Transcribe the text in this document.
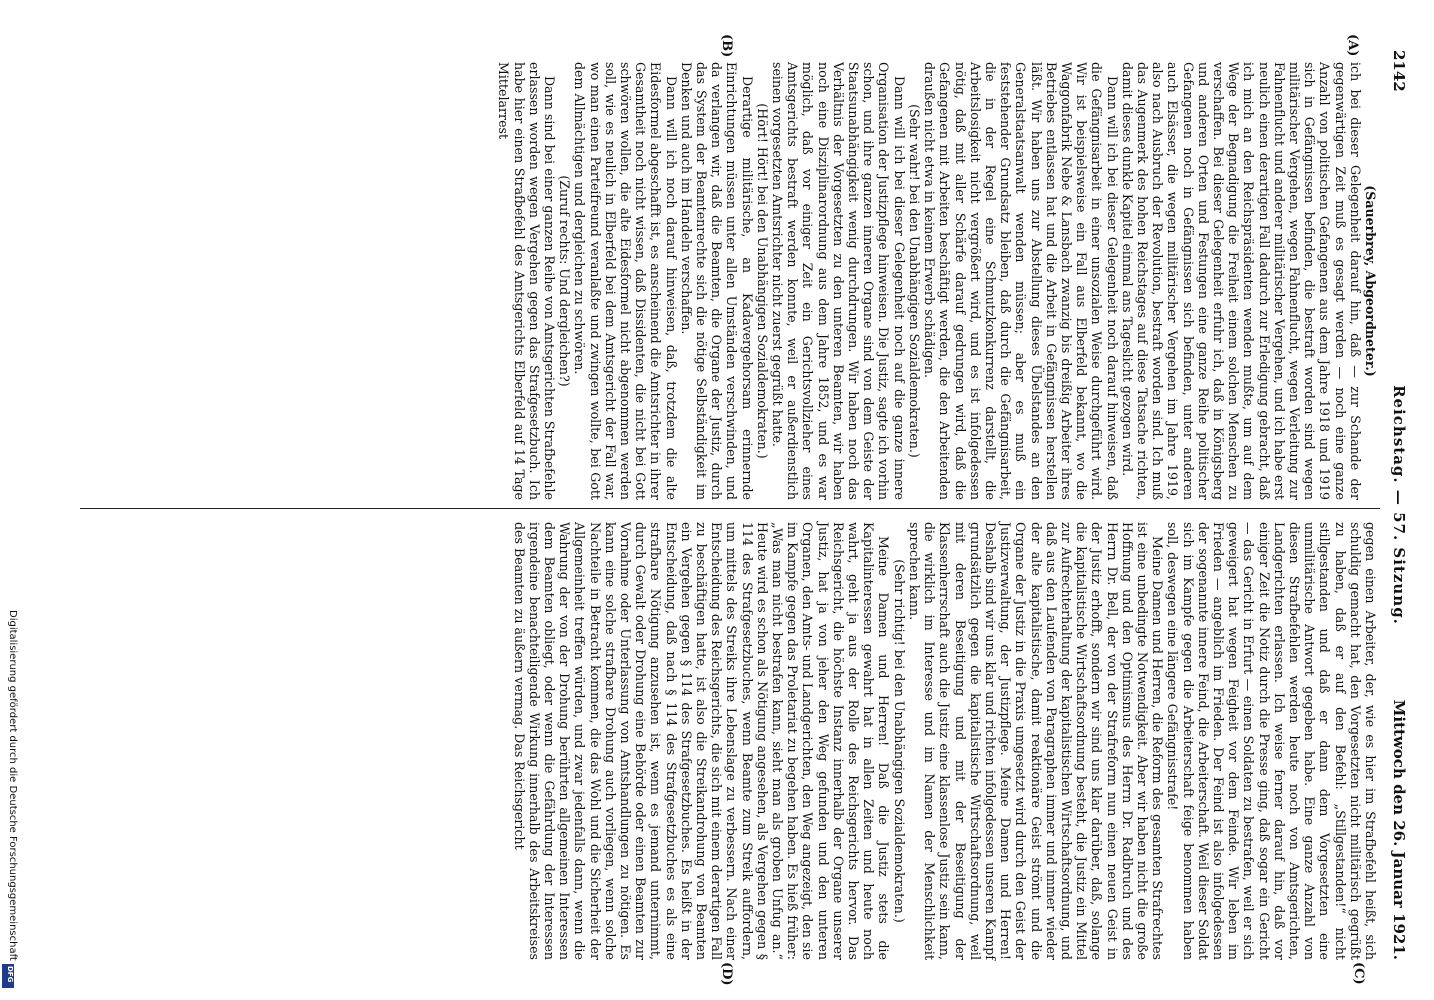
2142
Reichstag. — 57. Sitzung.
Mittwoch den 26. Januar 1921.
(A)
(B)
(C)
(D)

(Sauerbrey, Abgeordneter.)

ich bei dieser Gelegenheit darauf hin, daß — zur Schande der gegenwärtigen Zeit muß es gesagt werden — noch eine ganze Anzahl von politischen Gefangenen aus dem Jahre 1918 und 1919 sich in Gefängnissen befinden, die bestraft worden sind wegen militärischer Vergehen, wegen Fahnenflucht, wegen Verleitung zur Fahnenflucht und anderer militärischer Vergehen, und ich habe erst neulich einen derartigen Fall dadurch zur Erledigung gebracht, daß ich mich an den Reichspräsidenten wenden mußte, um auf dem Wege der Begnadigung die Freiheit einem solchen Menschen zu verschaffen. Bei dieser Gelegenheit erfuhr ich, daß in Königsberg und anderen Orten und Festungen eine ganze Reihe politischer Gefangenen noch in Gefängnissen sich befinden, unter anderen auch Elsässer, die wegen militärischer Vergehen im Jahre 1919, also nach Ausbruch der Revolution, bestraft worden sind. Ich muß das Augenmerk des hohen Reichstages auf diese Tatsache richten, damit dieses dunkle Kapitel einmal ans Tageslicht gezogen wird.

Dann will ich bei dieser Gelegenheit noch darauf hinweisen, daß die Gefängnisarbeit in einer unsozialen Weise durchgeführt wird. Wir ist beispielsweise ein Fall aus Elberfeld bekannt, wo die Waggonfabrik Nebe & Lansbach zwanzig bis dreißig Arbeiter ihres Betriebes entlassen hat und die Arbeit in Gefängnissen herstellen läßt. Wir haben uns zur Abstellung dieses Übelstandes an den Generalstaatsanwalt wenden müssen; aber es muß ein feststehender Grundsatz bleiben, daß durch die Gefängnisarbeit, die in der Regel eine Schmutzkonkurrenz darstellt, die Arbeitslosigkeit nicht vergrößert wird, und es ist infolgedessen nötig, daß mit aller Schärfe darauf gedrungen wird, daß die Gefangenen mit Arbeiten beschäftigt werden, die den Arbeitenden draußen nicht etwa in keinem Erwerb schädigen.

(Sehr wahr! bei den Unabhängigen Sozialdemokraten.)

Dann will ich bei dieser Gelegenheit noch auf die ganze innere Organisation der Justizpflege hinweisen. Die Justiz, sagte ich vorhin schon, und ihre ganzen inneren Organe sind von dem Geiste der Staatsunabhängigkeit wenig durchdrungen. Wir haben noch das Verhältnis der Vorgesetzten zu den unteren Beamten, wir haben noch eine Disziplinarordnung aus dem Jahre 1852, und es war möglich, daß vor einiger Zeit ein Gerichtsvollzieher eines Amtsgerichts bestraft werden konnte, weil er außerdienstlich seinen vorgesetzten Amtsrichter nicht zuerst gegrüßt hatte.

(Hört! Hört! bei den Unabhängigen Sozialdemokraten.)

Derartige militärische, an Kadavergehorsam erinnernde Einrichtungen müssen unter allen Umständen verschwinden, und da verlangen wir, daß die Beamten, die Organe der Justiz, durch das System der Beamtenrechte sich die nötige Selbständigkeit im Denken und auch im Handeln verschaffen.

Dann will ich noch darauf hinweisen, daß, trotzdem die alte Eidesformel abgeschafft ist, es anscheinend die Amtsrichter in ihrer Gesamtheit noch nicht wissen, daß Dissidenten, die nicht bei Gott schwören wollen, die alte Eidesformel nicht abgenommen werden soll, wie es neulich in Elberfeld bei dem Amtsgericht der Fall war, wo man einen Parteifreund veranlaßte und zwingen wollte, bei Gott dem Allmächtigen und dergleichen zu schwören.

(Zuruf rechts: Und dergleichen?)

Dann sind bei einer ganzen Reihe von Amtsgerichten Strafbefehle erlassen worden wegen Vergehen gegen das Strafgesetzbuch. Ich habe hier einen Strafbefehl des Amtsgerichts Elberfeld auf 14 Tage Mittelarrest

gegen einen Arbeiter, der, wie es hier im Strafbefehl heißt, sich schuldig gemacht hat, den Vorgesetzten nicht militärisch gegrüßt zu haben, daß er auf den Befehl: „Stillgestanden!“ nicht stillgestanden und daß er dann dem Vorgesetzten eine unmilitärische Antwort gegeben habe. Eine ganze Anzahl von diesen Strafbefehlen werden heute noch von Amtsgerichten, Landgerichten erlassen. Ich weise ferner darauf hin, daß vor einiger Zeit die Notiz durch die Presse ging, daß sogar ein Gericht — das Gericht in Erfurt — einen Soldaten zu bestrafen, weil er sich geweigert hat wegen Feigheit vor dem Feinde. Wir leben im Frieden — angeblich im Frieden. Der Feind ist also infolgedessen der sogenannte innere Feind, die Arbeiterschaft. Weil dieser Soldat sich im Kampfe gegen die Arbeiterschaft feige benommen haben soll, deswegen eine längere Gefängnisstrafe!

Meine Damen und Herren, die Reform des gesamten Strafrechtes ist eine unbedingte Notwendigkeit. Aber wir haben nicht die große Hoffnung und den Optimismus des Herrn Dr. Radbruch und des Herrn Dr. Bell, der von der Strafreform nun einen neuen Geist in der Justiz erhofft, sondern wir sind uns klar darüber, daß, solange die kapitalistische Wirtschaftsordnung besteht, die Justiz ein Mittel zur Aufrechterhaltung der kapitalistischen Wirtschaftsordnung, und daß aus den Laufenden von Paragraphen immer und immer wieder der alte kapitalistische, damit reaktionäre Geist strömt und die Organe der Justiz in die Praxis umgesetzt wird durch den Geist der Justizverwaltung, der Justizpflege. Meine Damen und Herren! Deshalb sind wir uns klar und richten infolgedessen unseren Kampf grundsätzlich gegen die kapitalistische Wirtschaftsordnung, weil mit deren Beseitigung und mit der Beseitigung der Klassenherrschaft auch die Justiz eine klassenlose Justiz sein kann, die wirklich im Interesse und im Namen der Menschlichkeit sprechen kann.

(Sehr richtig! bei den Unabhängigen Sozialdemokraten.)

Meine Damen und Herren! Daß die Justiz stets die Kapitalinteressen gewahrt hat in allen Zeiten und heute noch wahrt, geht ja aus der Rolle des Reichsgerichts hervor. Das Reichsgericht, die höchste Instanz innerhalb der Organe unserer Justiz, hat ja von jeher den Weg gefunden und den unteren Organen, den Amts- und Landgerichten, den Weg angezeigt, den sie im Kampfe gegen das Proletariat zu begehen haben. Es hieß früher: „Was man nicht bestrafen kann, sieht man als groben Unfug an.“ Heute wird es schon als Nötigung angesehen, als Vergehen gegen § 114 des Strafgesetzbuches, wenn Beamte zum Streik auffordern, um mittels des Streiks ihre Lebenslage zu verbessern. Nach einer Entscheidung des Reichsgerichts, die sich mit einem derartigen Fall zu beschäftigen hatte, ist also die Streikandrohung von Beamten ein Vergehen gegen § 114 des Strafgesetzbuches. Es heißt in der Entscheidung, daß nach § 114 des Strafgesetzbuches es als eine strafbare Nötigung anzusehen ist, wenn es jemand unternimmt, durch Gewalt oder Drohung eine Behörde oder einen Beamten zur Vornahme oder Unterlassung von Amtshandlungen zu nötigen. Es kann eine solche strafbare Drohung auch vorliegen, wenn solche Nachteile in Betracht kommen, die das Wohl und die Sicherheit der Allgemeinheit treffen würden, und zwar jedenfalls dann, wenn die Wahrung der von der Drohung berührten allgemeinen Interessen dem Beamten obliegt, oder wenn die Gefährdung der Interessen irgendeine benachteiligende Wirkung innerhalb des Arbeitskreises des Beamten zu äußern vermag. Das Reichsgericht

Digitalisierung gefördert durch die Deutsche Forschungsgemeinschaft
DFG
